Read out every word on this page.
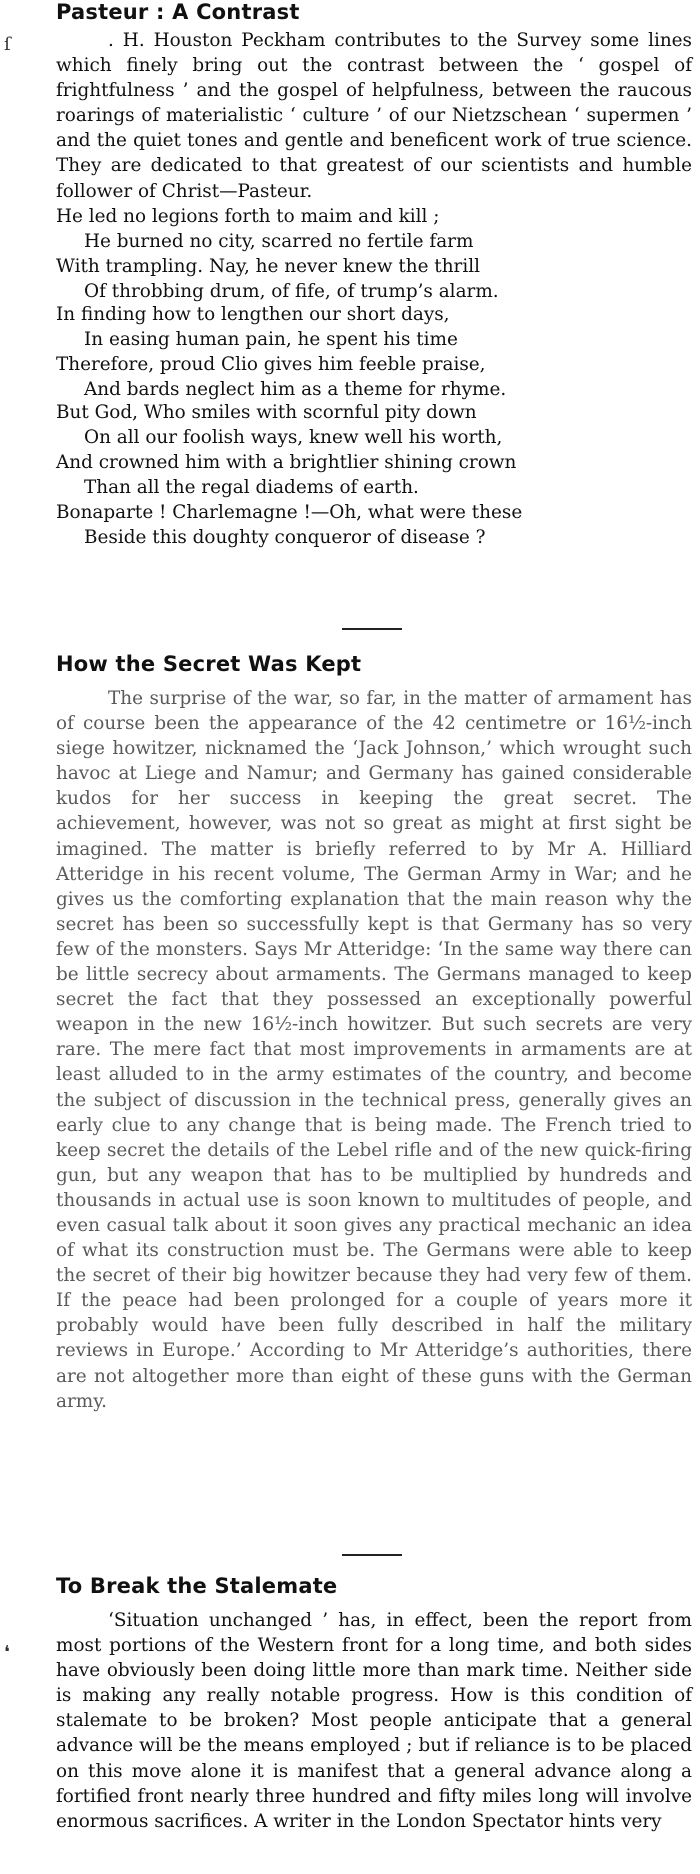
ſ
❛
Pasteur : A Contrast

. H. Houston Peckham contributes to the Survey some lines which finely bring out the contrast between the ‘ gospel of frightfulness ’ and the gospel of helpfulness, between the raucous roarings of materialistic ‘ culture ’ of our Nietzschean ‘ supermen ’ and the quiet tones and gentle and beneficent work of true science. They are dedicated to that greatest of our scientists and humble follower of Christ—Pasteur.

He led no legions forth to maim and kill ;
He burned no city, scarred no fertile farm
With trampling. Nay, he never knew the thrill
Of throbbing drum, of fife, of trump’s alarm.
In finding how to lengthen our short days,
In easing human pain, he spent his time
Therefore, proud Clio gives him feeble praise,
And bards neglect him as a theme for rhyme.
But God, Who smiles with scornful pity down
On all our foolish ways, knew well his worth,
And crowned him with a brightlier shining crown
Than all the regal diadems of earth.
Bonaparte ! Charlemagne !—Oh, what were these
Beside this doughty conqueror of disease ?
How the Secret Was Kept

The surprise of the war, so far, in the matter of armament has of course been the appearance of the 42 centimetre or 16½-inch siege howitzer, nicknamed the ‘Jack Johnson,’ which wrought such havoc at Liege and Namur; and Germany has gained considerable kudos for her success in keeping the great secret. The achievement, however, was not so great as might at first sight be imagined. The matter is briefly referred to by Mr A. Hilliard Atteridge in his recent volume, The German Army in War; and he gives us the comforting explanation that the main reason why the secret has been so successfully kept is that Germany has so very few of the monsters. Says Mr Atteridge: ‘In the same way there can be little secrecy about armaments. The Germans managed to keep secret the fact that they possessed an exceptionally powerful weapon in the new 16½-inch howitzer. But such secrets are very rare. The mere fact that most improvements in armaments are at least alluded to in the army estimates of the country, and become the subject of discussion in the technical press, generally gives an early clue to any change that is being made. The French tried to keep secret the details of the Lebel rifle and of the new quick-firing gun, but any weapon that has to be multiplied by hundreds and thousands in actual use is soon known to multitudes of people, and even casual talk about it soon gives any practical mechanic an idea of what its construction must be. The Germans were able to keep the secret of their big howitzer because they had very few of them. If the peace had been prolonged for a couple of years more it probably would have been fully described in half the military reviews in Europe.’ According to Mr Atteridge’s authorities, there are not altogether more than eight of these guns with the German army.

To Break the Stalemate

‘Situation unchanged ’ has, in effect, been the report from most portions of the Western front for a long time, and both sides have obviously been doing little more than mark time. Neither side is making any really notable progress. How is this condition of stalemate to be broken? Most people anticipate that a general advance will be the means employed ; but if reliance is to be placed on this move alone it is manifest that a general advance along a fortified front nearly three hundred and fifty miles long will involve enormous sacrifices. A writer in the London Spectator hints very
